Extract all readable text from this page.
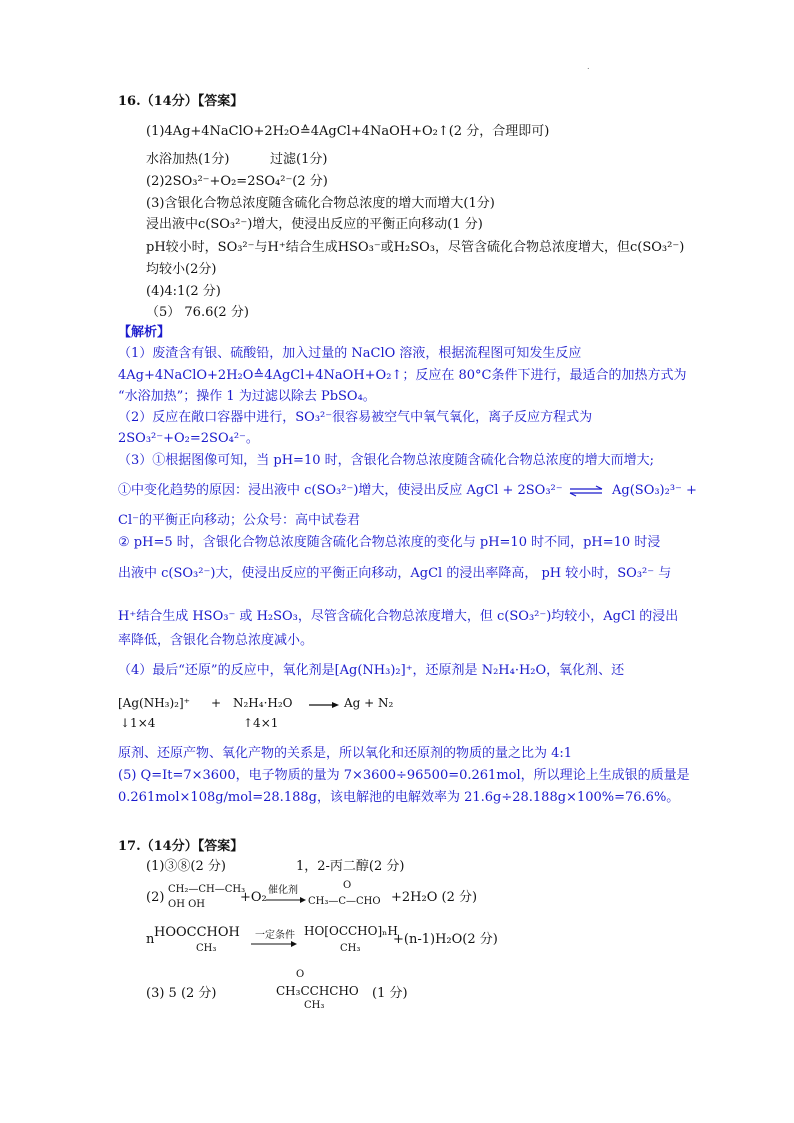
.
16.（14分）【答案】
(1)4Ag+4NaClO+2H₂O≙4AgCl+4NaOH+O₂↑(2 分，合理即可)
水浴加热(1分)	过滤(1分)
(2)2SO₃²⁻+O₂=2SO₄²⁻(2 分)
(3)含银化合物总浓度随含硫化合物总浓度的增大而增大(1分)
浸出液中c(SO₃²⁻)增大，使浸出反应的平衡正向移动(1 分)
pH较小时，SO₃²⁻与H⁺结合生成HSO₃⁻或H₂SO₃，尽管含硫化合物总浓度增大，但c(SO₃²⁻)
均较小(2分)
(4)4:1(2 分)
（5） 76.6(2 分)
【解析】
（1）废渣含有银、硫酸铅，加入过量的 NaClO 溶液，根据流程图可知发生反应
4Ag+4NaClO+2H₂O≙4AgCl+4NaOH+O₂↑；反应在 80°C条件下进行，最适合的加热方式为
“水浴加热”；操作 1 为过滤以除去 PbSO₄。
（2）反应在敞口容器中进行，SO₃²⁻很容易被空气中氧气氧化，离子反应方程式为
2SO₃²⁻+O₂=2SO₄²⁻。
（3）①根据图像可知，当 pH=10 时，含银化合物总浓度随含硫化合物总浓度的增大而增大;
①中变化趋势的原因：浸出液中 c(SO₃²⁻)增大，使浸出反应 AgCl + 2SO₃²⁻ ⇌ Ag(SO₃)₂³⁻ +
Cl⁻的平衡正向移动；公众号：高中试卷君
② pH=5 时，含银化合物总浓度随含硫化合物总浓度的变化与 pH=10 时不同，pH=10 时浸
出液中 c(SO₃²⁻)大，使浸出反应的平衡正向移动，AgCl 的浸出率降高， pH 较小时，SO₃²⁻ 与
H⁺结合生成 HSO₃⁻ 或 H₂SO₃，尽管含硫化合物总浓度增大，但 c(SO₃²⁻)均较小，AgCl 的浸出
率降低，含银化合物总浓度减小。
（4）最后“还原”的反应中，氧化剂是[Ag(NH₃)₂]⁺，还原剂是 N₂H₄·H₂O，氧化剂、还
[Ag(NH₃)₂]⁺ + N₂H₄·H₂O → Ag + N₂
↓1×4	↑4×1
原剂、还原产物、氧化产物的关系是，所以氧化和还原剂的物质的量之比为 4:1
(5) Q=It=7×3600，电子物质的量为 7×3600÷96500=0.261mol，所以理论上生成银的质量是
0.261mol×108g/mol=28.188g，该电解池的电解效率为 21.6g÷28.188g×100%=76.6%。
17.（14分）【答案】
(1)③⑧(2 分)	1，2-丙二醇(2 分)
(2)
CH₂—CH—CH₃
OH OH	+O₂ 催化剂	O
CH₃—C—CHO +2H₂O (2 分)
n HOOCCHOH
CH₃
一定条件 HO[OCCHO]ₙH
CH₃
+(n-1)H₂O(2 分)
(3) 5 (2 分)
O
CH₃CCHCHO
CH₃
(1 分)
